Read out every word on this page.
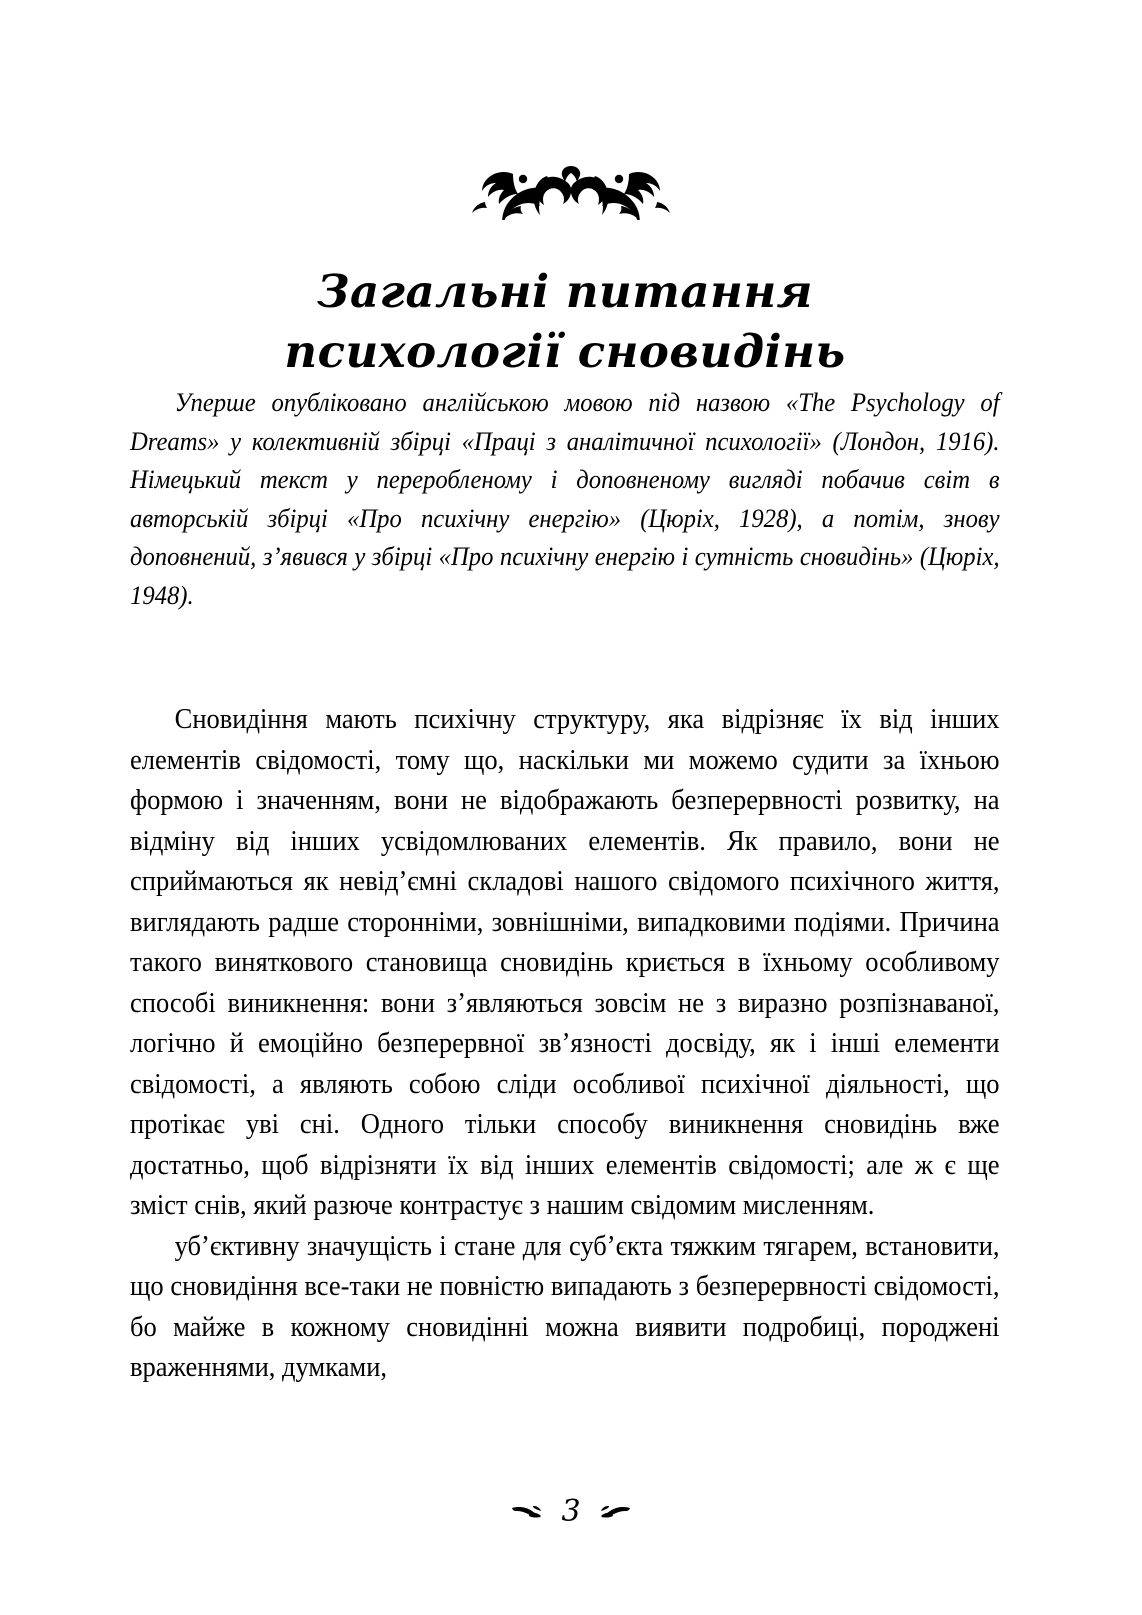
Загальні питання
психології сновидінь
Уперше опубліковано англійською мовою під назвою «The Psychology of Dreams» у колективній збірці «Праці з аналітичної психології» (Лондон, 1916). Німецький текст у переробленому і доповненому вигляді побачив світ в авторській збірці «Про психічну енергію» (Цюріх, 1928), а потім, знову доповнений, з’явився у збірці «Про психічну енергію і сутність сновидінь» (Цюріх, 1948).

Сновидіння мають психічну структуру, яка відрізняє їх від інших елементів свідомості, тому що, наскільки ми можемо судити за їхньою формою і значенням, вони не відображають безперервності розвитку, на відміну від інших усвідомлюваних елементів. Як правило, вони не сприймаються як невід’ємні складові нашого свідомого психічного життя, виглядають радше сторонніми, зовнішніми, випадковими подіями. Причина такого виняткового становища сновидінь криється в їхньому особливому способі виникнення: вони з’являються зовсім не з виразно розпізнаваної, логічно й емоційно безперервної зв’язності досвіду, як і інші елементи свідомості, а являють собою сліди особливої психічної діяльності, що протікає уві сні. Одного тільки способу виникнення сновидінь вже достатньо, щоб відрізняти їх від інших елементів свідомості; але ж є ще зміст снів, який разюче контрастує з нашим свідомим мисленням.

уб’єктивну значущість і стане для суб’єкта тяжким тягарем, встановити, що сновидіння все-таки не повністю випадають з безперервності свідомості, бо майже в кожному сновидінні можна виявити подробиці, породжені враженнями, думками,

3
